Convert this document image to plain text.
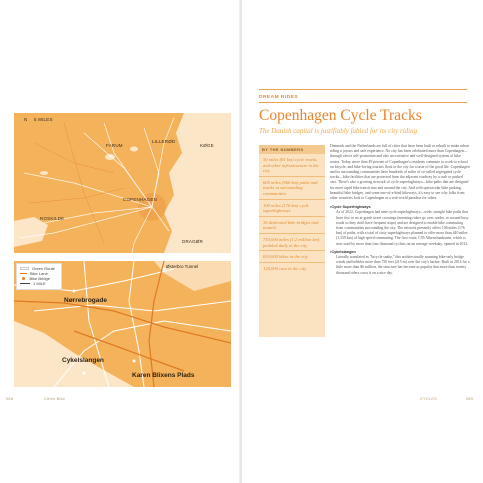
N 5 MILES
FARUM
LILLERØD
COPENHAGEN
ROSKILDE
KØGE
DRAGØR
Green Route
Bike Lane
Bike Bridge
1 MILE
Østerbro Tunnel
Nørrebrogade
Cykelslangen
Karen Blixens Plads
088	Cities Bike
DREAM RIDES
Copenhagen Cycle Tracks
The Danish capital is justifiably fabled for its city riding
BY THE NUMBERS
50 miles (81 km) cycle tracks and other infrastructure in the city
600 miles (966 km) paths and tracks in surrounding communities
100 miles (176 km) cycle superhighways
16 dedicated bike bridges and tunnels
750,000 miles (1.2 million km) pedaled daily in the city
650,000 bikes in the city
120,000 cars in the city

Denmark and the Netherlands are full of cities that have been built or rebuilt to make urban riding a joyous and safe experience. No city has been celebrated more than Copenhagen—through clever self-promotion and also an extensive and well-designed system of bike routes. Today, more than 49 percent of Copenhagen's residents commute to work or school on bicycle, and bike-loving tourists flock to the city for a taste of the good life. Copenhagen and its surrounding communities have hundreds of miles of so-called segregated cycle tracks—bike facilities that are protected from the adjacent roadway by a curb or parked cars. There's also a growing network of cycle superhighways—bike paths that are designed for more rapid bike transit into and around the city. And with spectacular bike parking, beautiful bike bridges, and some one-of-a-kind bikeways, it's easy to see why folks from other countries look to Copenhagen as a real-world paradise for riders.

• Cycle Superhighways
As of 2022, Copenhagen had nine cycle superhighways—wide, straight bike paths that have few or no at-grade street crossings (meaning riders go over, under, or around busy roads so they don't have frequent stops) and are designed to enable bike commuting from communities surrounding the city. The network presently offers 106 miles (176 km) of paths, with a total of sixty superhighways planned to offer more than 440 miles (1,339 km) of high-speed commuting. The first route, C95 Albertslundruten, which is now used by more than four thousand cyclists on an average weekday, opened in 2012.
• Cykelslangen
Literally translated as "bicycle snake," this architecturally stunning bike-only bridge winds and bobbles more than 750 feet (215 m) over the city's harbor. Built in 2014 for a little more than $6 million, the structure has become as popular that more than twenty thousand riders cross it on a nice day.
CYCLES	089
